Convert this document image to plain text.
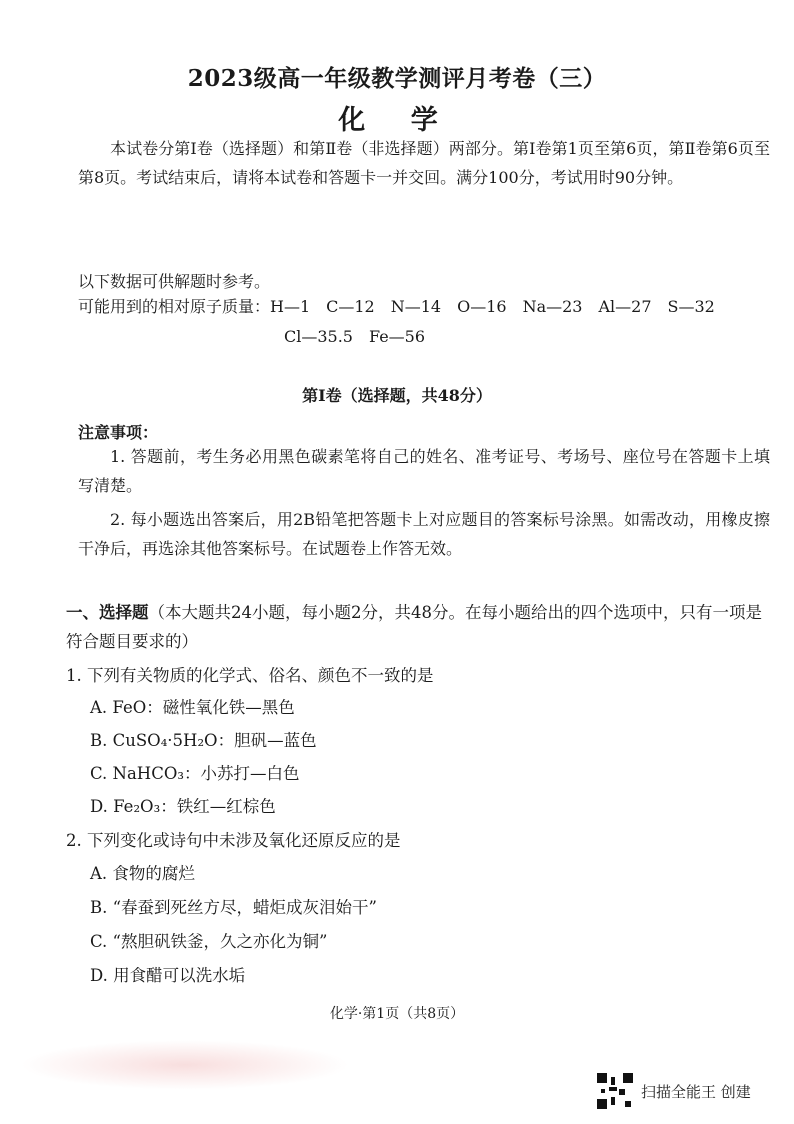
2023级高一年级教学测评月考卷（三）
化 学
本试卷分第Ⅰ卷（选择题）和第Ⅱ卷（非选择题）两部分。第Ⅰ卷第1页至第6页，第Ⅱ卷第6页至第8页。考试结束后，请将本试卷和答题卡一并交回。满分100分，考试用时90分钟。
以下数据可供解题时参考。
可能用到的相对原子质量：H—1　C—12　N—14　O—16　Na—23　Al—27　S—32
Cl—35.5　Fe—56
第Ⅰ卷（选择题，共48分）
注意事项：
1. 答题前，考生务必用黑色碳素笔将自己的姓名、准考证号、考场号、座位号在答题卡上填写清楚。
2. 每小题选出答案后，用2B铅笔把答题卡上对应题目的答案标号涂黑。如需改动，用橡皮擦干净后，再选涂其他答案标号。在试题卷上作答无效。
一、选择题（本大题共24小题，每小题2分，共48分。在每小题给出的四个选项中，只有一项是符合题目要求的）
1. 下列有关物质的化学式、俗名、颜色不一致的是
A. FeO：磁性氧化铁—黑色
B. CuSO₄·5H₂O：胆矾—蓝色
C. NaHCO₃：小苏打—白色
D. Fe₂O₃：铁红—红棕色
2. 下列变化或诗句中未涉及氧化还原反应的是
A. 食物的腐烂
B. “春蚕到死丝方尽，蜡炬成灰泪始干”
C. “熬胆矾铁釜，久之亦化为铜”
D. 用食醋可以洗水垢
化学·第1页（共8页）
扫描全能王 创建
